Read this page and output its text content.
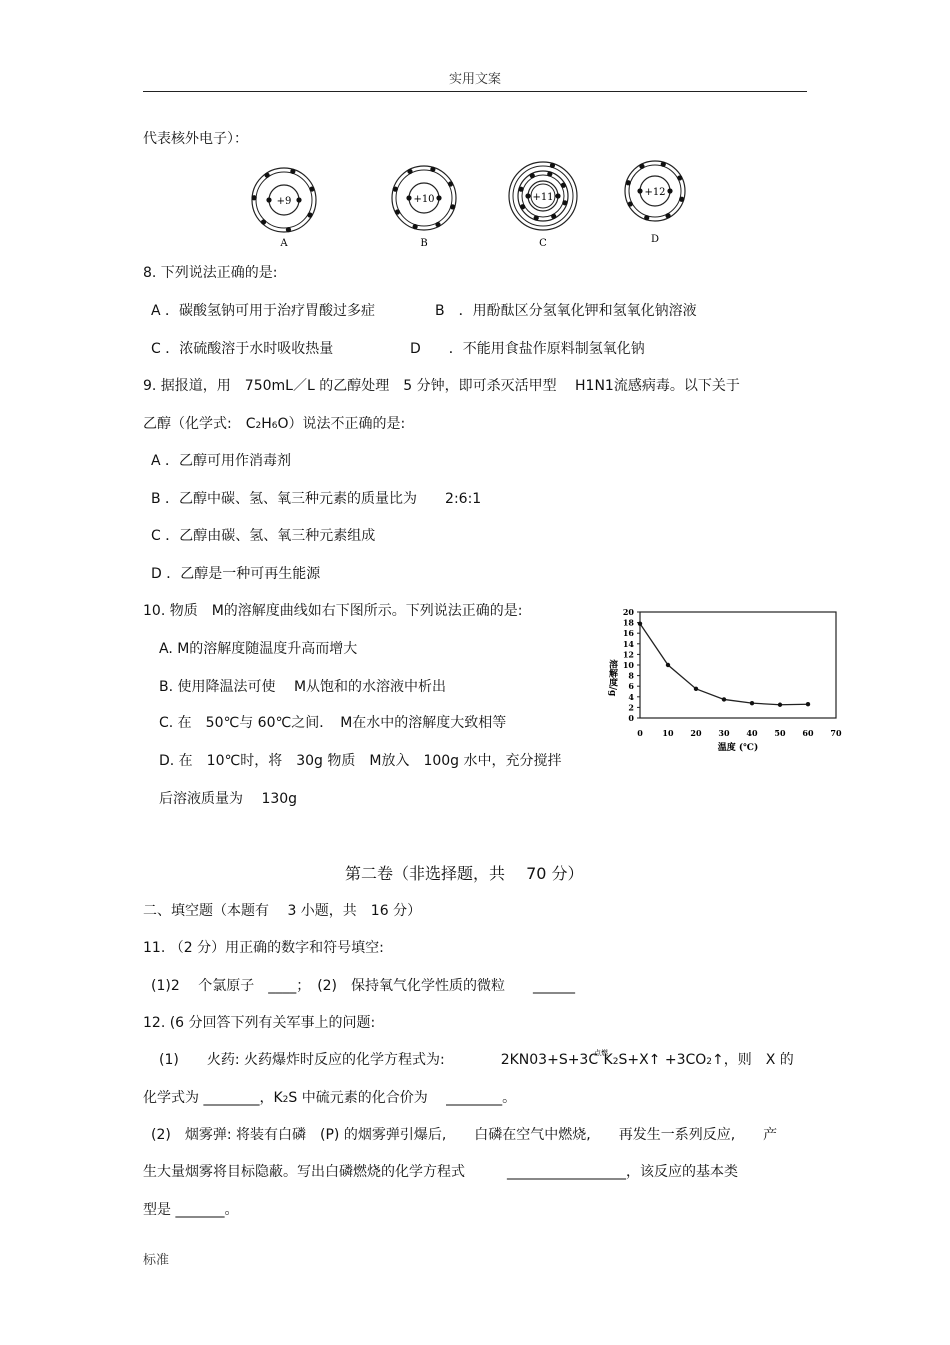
实用文案
代表核外电子）：
+9
A
+10
B
+11
C
+12
D
8. 下列说法正确的是:
A ．碳酸氢钠可用于治疗胃酸过多症	B　．用酚酞区分氢氧化钾和氢氧化钠溶液
C ．浓硫酸溶于水时吸收热量	D　　．不能用食盐作原料制氢氧化钠
9. 据报道，用　750mL／L 的乙醇处理　5 分钟，即可杀灭活甲型　 H1N1流感病毒。以下关于
乙醇（化学式:　C2H6O）说法不正确的是:
A ．乙醇可用作消毒剂
B ．乙醇中碳、氢、氧三种元素的质量比为　　2:6:1
C ．乙醇由碳、氢、氧三种元素组成
D ．乙醇是一种可再生能源
10. 物质　M的溶解度曲线如右下图所示。下列说法正确的是:
A. M的溶解度随温度升高而增大
B. 使用降温法可使　 M从饱和的水溶液中析出
C. 在　50℃与 60℃之间．　M在水中的溶解度大致相等
D. 在　10℃时，将　30g 物质　M放入　100g 水中，充分搅拌
后溶液质量为　 130g
0
2
4
6
8
10
12
14
16
18
20
0 10 20 30 40 50 60 70
溶解度/g
温度 (℃)
第二卷（非选择题，共　 70 分）
二、填空题（本题有　 3 小题，共　16 分）
11. （2 分）用正确的数字和符号填空:
(1)2　 个氯原子　____；　(2)　保持氧气化学性质的微粒　　______
12. (6 分回答下列有关军事上的问题:
(1)　　火药: 火药爆炸时反应的化学方程式为:　　　　$2KN03+S+3C^{点燃}$ K2S+X↑ +3CO2↑，则　X 的
化学式为 ________，K2S 中硫元素的化合价为　 ________。
(2)　烟雾弹: 将装有白磷　(P) 的烟雾弹引爆后,　　白磷在空气中燃烧,　　再发生一系列反应,　　产
生大量烟雾将目标隐蔽。写出白磷燃烧的化学方程式　　　_________________，该反应的基本类
型是 _______。
标准
